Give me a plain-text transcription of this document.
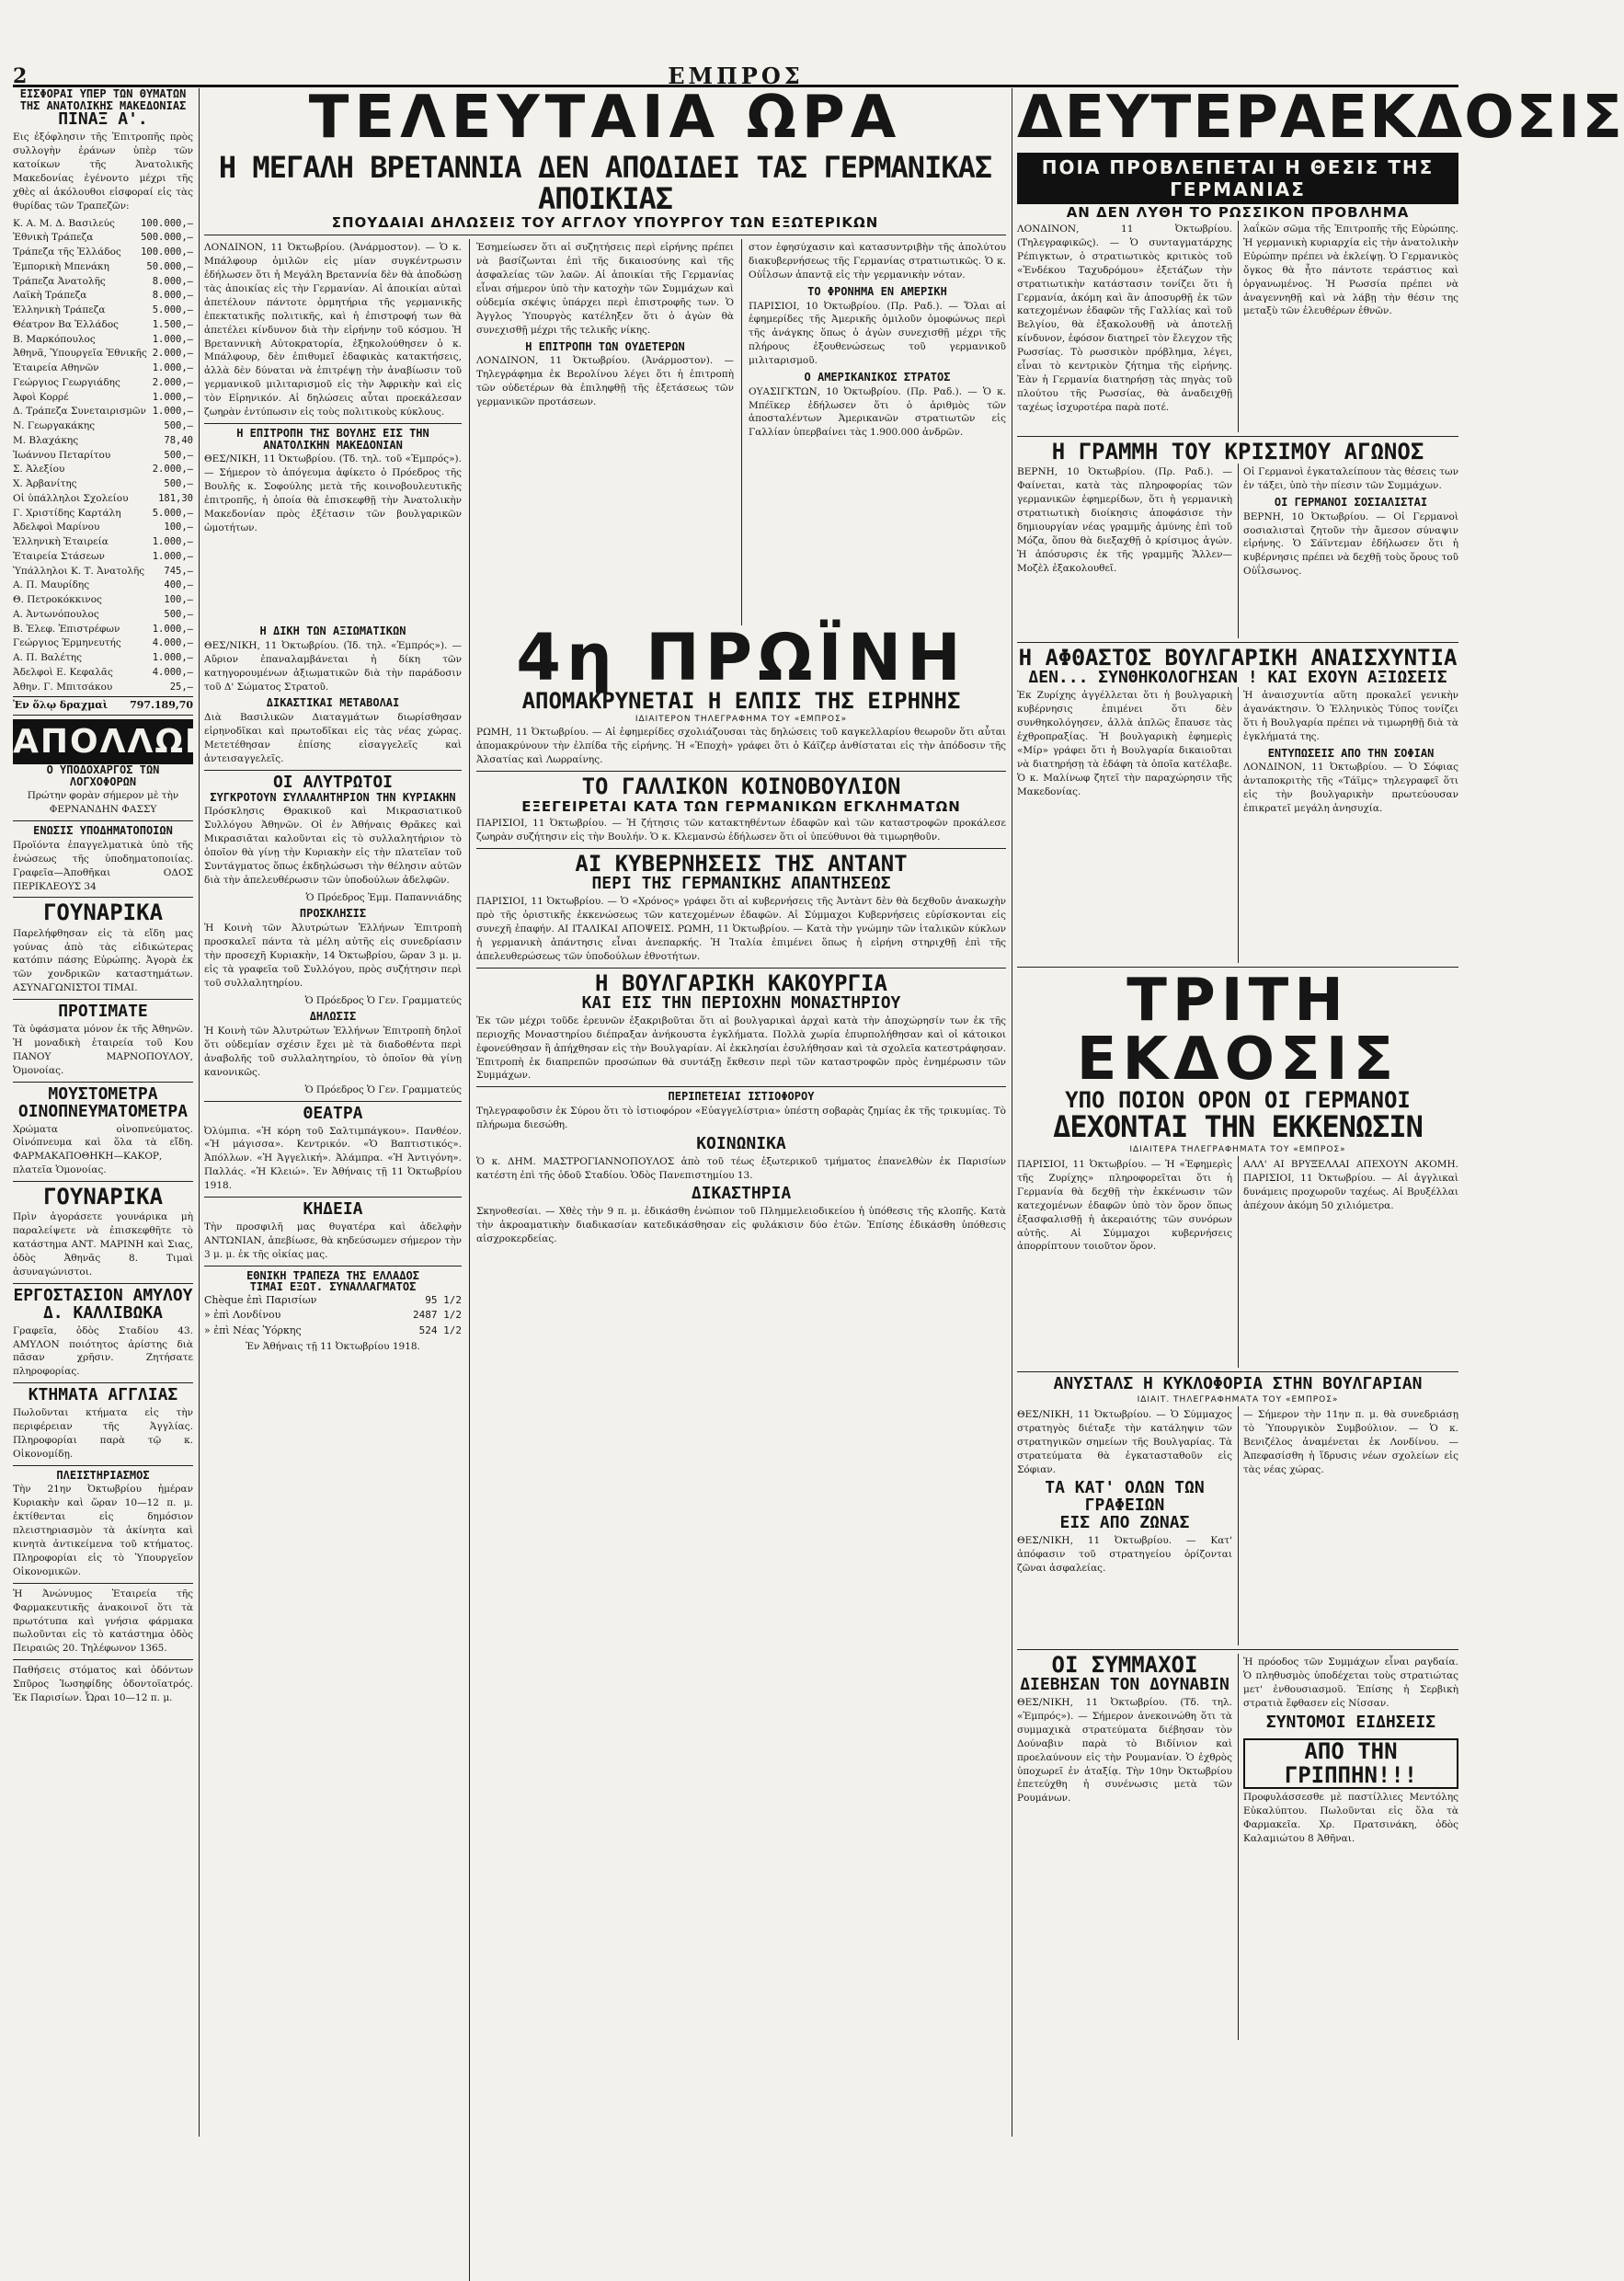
2	ΕΜΠΡΟΣ
ΕΙΣΦΟΡΑΙ ΥΠΕΡ ΤΩΝ ΘΥΜΑΤΩΝ ΤΗΣ ΑΝΑΤΟΛΙΚΗΣ ΜΑΚΕΔΟΝΙΑΣ
ΠΙΝΑΞ Α'.
Εις ἐξόφλησιν τῆς Ἐπιτροπῆς πρὸς συλλογὴν ἐράνων ὑπὲρ τῶν κατοίκων τῆς Ἀνατολικῆς Μακεδονίας ἐγένοντο μέχρι τῆς χθὲς αἱ ἀκόλουθοι εἰσφοραί εἰς τὰς θυρίδας τῶν Τραπεζῶν:
Κ. Α. Μ. Δ. Βασιλεύς	100.000,—
Ἐθνικὴ Τράπεζα	500.000,—
Τράπεζα τῆς Ἑλλάδος 100.000,—
Ἐμπορικὴ Μπενάκη	50.000,—
Τράπεζα Ἀνατολῆς	8.000,—
Λαϊκὴ Τράπεζα	8.000,—
Ἑλληνικὴ Τράπεζα	5.000,—
Θέατρον Βα Ἑλλάδος	1.500,—
Β. Μαρκόπουλος	1.000,—
Ἀθηνᾶ, Ὑπουργεῖα Ἐθνικῆς 2.000,—
Ἑταιρεία Αθηνῶν	1.000,—
Γεώργιος Γεωργιάδης	2.000,—
Ἀφοὶ Κορρέ	1.000,—
Δ. Τράπεζα Συνεταιρισμῶν 1.000,—
Ν. Γεωργακάκης	500,—
Μ. Βλαχάκης	78,40
Ἰωάννου Πεταρίτου	500,—
Σ. Ἀλεξίου	2.000,—
Χ. Ἀρβανίτης	500,—
Οἱ ὑπάλληλοι Σχολείου	181,30
Γ. Χριστίδης Καρτάλη	5.000,—
Ἀδελφοὶ Μαρίνου	100,—
Ἑλληνικὴ Ἑταιρεία	1.000,—
Ἑταιρεία Στάσεων	1.000,—
Ὑπάλληλοι Κ. Τ. Ἀνατολῆς 745,—
Α. Π. Μαυρίδης	400,—
Θ. Πετροκόκκινος	100,—
Α. Ἀντωνόπουλος	500,—
Β. Ἐλεφ. Ἐπιστρέφων	1.000,—
Γεώργιος Ἑρμηνευτής	4.000,—
Α. Π. Βαλέτης	1.000,—
Ἀδελφοὶ Ε. Κεφαλᾶς	4.000,—
Ἀθην. Γ. Μπιτσάκου	25,—
Ἐν ὅλῳ δραχμαὶ 797.189,70
ΑΠΟΛΛΩΝ
Ο ΥΠΟΔΟΧΑΡΓΟΣ ΤΩΝ ΛΟΓΧΟΦΟΡΩΝ
Πρώτην φορὰν σήμερον μὲ τὴν ΦΕΡΝΑΝΔΗΝ ΦΑΣΣΥ
ΕΝΩΣΙΣ ΥΠΟΔΗΜΑΤΟΠΟΙΩΝ
Προϊόντα ἐπαγγελματικὰ ὑπὸ τῆς ἑνώσεως τῆς ὑποδηματοποιίας. Γραφεῖα—Ἀποθῆκαι ΟΔΟΣ ΠΕΡΙΚΛΕΟΥΣ 34
ΓΟΥΝΑΡΙΚΑ
Παρελήφθησαν εἰς τὰ εἴδη μας γούνας ἀπὸ τὰς εἰδικώτερας κατόπιν πάσης Εὐρώπης. Ἀγορὰ ἐκ τῶν χονδρικῶν καταστημάτων. ΑΣΥΝΑΓΩΝΙΣΤΟΙ ΤΙΜΑΙ.
ΠΡΟΤΙΜΑΤΕ
Τὰ ὑφάσματα μόνον ἐκ τῆς Ἀθηνῶν. Ἡ μοναδικὴ ἑταιρεία τοῦ Κου ΠΑΝΟΥ ΜΑΡΝΟΠΟΥΛΟΥ, Ὁμονοίας.
ΜΟΥΣΤΟΜΕΤΡΑ ΟΙΝΟΠΝΕΥΜΑΤΟΜΕΤΡΑ
Χρώματα οἰνοπνεύματος. Οἰνόπνευμα καὶ ὅλα τὰ εἴδη. ΦΑΡΜΑΚΑΠΟΘΗΚΗ—ΚΑΚΟΡ, πλατεῖα Ὁμονοίας.
ΓΟΥΝΑΡΙΚΑ
Πρὶν ἀγοράσετε γουνάρικα μὴ παραλείψετε νὰ ἐπισκεφθῆτε τὸ κατάστημα ΑΝΤ. ΜΑΡΙΝΗ καὶ Σιας, ὁδὸς Ἀθηνᾶς 8. Τιμαὶ ἀσυναγώνιστοι.
ΕΡΓΟΣΤΑΣΙΟΝ ΑΜΥΛΟΥ Δ. ΚΑΛΛΙΒΩΚΑ
Γραφεῖα, ὁδὸς Σταδίου 43. ΑΜΥΛΟΝ ποιότητος ἀρίστης διὰ πᾶσαν χρῆσιν. Ζητήσατε πληροφορίας.
ΚΤΗΜΑΤΑ ΑΓΓΛΙΑΣ
Πωλοῦνται κτήματα εἰς τὴν περιφέρειαν τῆς Ἀγγλίας. Πληροφορίαι παρὰ τῷ κ. Οἰκονομίδῃ.
ΠΛΕΙΣΤΗΡΙΑΣΜΟΣ
Τὴν 21ην Ὀκτωβρίου ἡμέραν Κυριακὴν καὶ ὥραν 10—12 π. μ. ἐκτίθενται εἰς δημόσιον πλειστηριασμὸν τὰ ἀκίνητα καὶ κινητὰ ἀντικείμενα τοῦ κτήματος. Πληροφορίαι εἰς τὸ Ὑπουργεῖον Οἰκονομικῶν.
Ἡ Ἀνώνυμος Ἑταιρεία τῆς Φαρμακευτικῆς ἀνακοινοῖ ὅτι τὰ πρωτότυπα καὶ γνήσια φάρμακα πωλοῦνται εἰς τὸ κατάστημα ὁδὸς Πειραιῶς 20. Τηλέφωνον 1365.
Παθήσεις στόματος καὶ ὀδόντων Σπῦρος Ἰωσηφίδης ὀδοντοϊατρός. Ἐκ Παρισίων. Ὧραι 10—12 π. μ.
ΤΕΛΕΥΤΑΙΑ ΩΡΑ
Η ΜΕΓΑΛΗ ΒΡΕΤΑΝΝΙΑ ΔΕΝ ΑΠΟΔΙΔΕΙ ΤΑΣ ΓΕΡΜΑΝΙΚΑΣ ΑΠΟΙΚΙΑΣ
ΣΠΟΥΔΑΙΑΙ ΔΗΛΩΣΕΙΣ ΤΟΥ ΑΓΓΛΟΥ ΥΠΟΥΡΓΟΥ ΤΩΝ ΕΞΩΤΕΡΙΚΩΝ
ΛΟΝΔΙΝΟΝ, 11 Ὀκτωβρίου. (Ἀνάρμοστον). — Ὁ κ. Μπάλφουρ ὁμιλῶν εἰς μίαν συγκέντρωσιν ἐδήλωσεν ὅτι ἡ Μεγάλη Βρεταννία δὲν θὰ ἀποδώσῃ τὰς ἀποικίας εἰς τὴν Γερμανίαν. Αἱ ἀποικίαι αὐταὶ ἀπετέλουν πάντοτε ὁρμητήρια τῆς γερμανικῆς ἐπεκτατικῆς πολιτικῆς, καὶ ἡ ἐπιστροφή των θὰ ἀπετέλει κίνδυνον διὰ τὴν εἰρήνην τοῦ κόσμου. Ἡ Βρεταννικὴ Αὐτοκρατορία, ἐξηκολούθησεν ὁ κ. Μπάλφουρ, δὲν ἐπιθυμεῖ ἐδαφικὰς κατακτήσεις, ἀλλὰ δὲν δύναται νὰ ἐπιτρέψῃ τὴν ἀναβίωσιν τοῦ γερμανικοῦ μιλιταρισμοῦ εἰς τὴν Ἀφρικὴν καὶ εἰς τὸν Εἰρηνικόν. Αἱ δηλώσεις αὗται προεκάλεσαν ζωηρὰν ἐντύπωσιν εἰς τοὺς πολιτικοὺς κύκλους.
Η ΕΠΙΤΡΟΠΗ ΤΗΣ ΒΟΥΛΗΣ ΕΙΣ ΤΗΝ ΑΝΑΤΟΛΙΚΗΝ ΜΑΚΕΔΟΝΙΑΝ
ΘΕΣ/ΝΙΚΗ, 11 Ὀκτωβρίου. (Τδ. τηλ. τοῦ «Ἐμπρός»). — Σήμερον τὸ ἀπόγευμα ἀφίκετο ὁ Πρόεδρος τῆς Βουλῆς κ. Σοφούλης μετὰ τῆς κοινοβουλευτικῆς ἐπιτροπῆς, ἡ ὁποία θὰ ἐπισκεφθῇ τὴν Ἀνατολικὴν Μακεδονίαν πρὸς ἐξέτασιν τῶν βουλγαρικῶν ὠμοτήτων.
Ἐσημείωσεν ὅτι αἱ συζητήσεις περὶ εἰρήνης πρέπει νὰ βασίζωνται ἐπὶ τῆς δικαιοσύνης καὶ τῆς ἀσφαλείας τῶν λαῶν. Αἱ ἀποικίαι τῆς Γερμανίας εἶναι σήμερον ὑπὸ τὴν κατοχὴν τῶν Συμμάχων καὶ οὐδεμία σκέψις ὑπάρχει περὶ ἐπιστροφῆς των. Ὁ Ἀγγλος Ὑπουργὸς κατέληξεν ὅτι ὁ ἀγὼν θὰ συνεχισθῇ μέχρι τῆς τελικῆς νίκης.
Η ΕΠΙΤΡΟΠΗ ΤΩΝ ΟΥΔΕΤΕΡΩΝ
ΛΟΝΔΙΝΟΝ, 11 Ὀκτωβρίου. (Ἀνάρμοστον). — Τηλεγράφημα ἐκ Βερολίνου λέγει ὅτι ἡ ἐπιτροπὴ τῶν οὐδετέρων θὰ ἐπιληφθῇ τῆς ἐξετάσεως τῶν γερμανικῶν προτάσεων.
στον ἐφησύχασιν καὶ κατασυντριβὴν τῆς ἀπολύτου διακυβερνήσεως τῆς Γερμανίας στρατιωτικῶς. Ὁ κ. Οὐΐλσων ἀπαντᾷ εἰς τὴν γερμανικὴν νόταν.
ΤΟ ΦΡΟΝΗΜΑ ΕΝ ΑΜΕΡΙΚΗ
ΠΑΡΙΣΙΟΙ, 10 Ὀκτωβρίου. (Πρ. Ραδ.). — Ὅλαι αἱ ἐφημερίδες τῆς Ἀμερικῆς ὁμιλοῦν ὁμοφώνως περὶ τῆς ἀνάγκης ὅπως ὁ ἀγὼν συνεχισθῇ μέχρι τῆς πλήρους ἐξουθενώσεως τοῦ γερμανικοῦ μιλιταρισμοῦ.
Ο ΑΜΕΡΙΚΑΝΙΚΟΣ ΣΤΡΑΤΟΣ
ΟΥΑΣΙΓΚΤΩΝ, 10 Ὀκτωβρίου. (Πρ. Ραδ.). — Ὁ κ. Μπέϊκερ ἐδήλωσεν ὅτι ὁ ἀριθμὸς τῶν ἀποσταλέντων Ἀμερικανῶν στρατιωτῶν εἰς Γαλλίαν ὑπερβαίνει τὰς 1.900.000 ἀνδρῶν.
Η ΔΙΚΗ ΤΩΝ ΑΞΙΩΜΑΤΙΚΩΝ
ΘΕΣ/ΝΙΚΗ, 11 Ὀκτωβρίου. (Ἰδ. τηλ. «Ἐμπρός»). — Αὔριον ἐπαναλαμβάνεται ἡ δίκη τῶν κατηγορουμένων ἀξιωματικῶν διὰ τὴν παράδοσιν τοῦ Δ' Σώματος Στρατοῦ.
ΔΙΚΑΣΤΙΚΑΙ ΜΕΤΑΒΟΛΑΙ
Διὰ Βασιλικῶν Διαταγμάτων διωρίσθησαν εἰρηνοδῖκαι καὶ πρωτοδῖκαι εἰς τὰς νέας χώρας. Μετετέθησαν ἐπίσης εἰσαγγελεῖς καὶ ἀντεισαγγελεῖς.
ΟΙ ΑΛΥΤΡΩΤΟΙ
ΣΥΓΚΡΟΤΟΥΝ ΣΥΛΛΑΛΗΤΗΡΙΟΝ ΤΗΝ ΚΥΡΙΑΚΗΝ
Πρόσκλησις Θρακικοῦ καὶ Μικρασιατικοῦ Συλλόγου Ἀθηνῶν. Οἱ ἐν Ἀθήναις Θρᾶκες καὶ Μικρασιᾶται καλοῦνται εἰς τὸ συλλαλητήριον τὸ ὁποῖον θὰ γίνῃ τὴν Κυριακὴν εἰς τὴν πλατεῖαν τοῦ Συντάγματος ὅπως ἐκδηλώσωσι τὴν θέλησιν αὐτῶν διὰ τὴν ἀπελευθέρωσιν τῶν ὑποδούλων ἀδελφῶν.
Ὁ Πρόεδρος Ἐμμ. Παπαννιάδης
ΠΡΟΣΚΛΗΣΙΣ
Ἡ Κοινὴ τῶν Ἀλυτρώτων Ἑλλήνων Ἐπιτροπὴ προσκαλεῖ πάντα τὰ μέλη αὐτῆς εἰς συνεδρίασιν τὴν προσεχῆ Κυριακὴν, 14 Ὀκτωβρίου, ὥραν 3 μ. μ. εἰς τὰ γραφεῖα τοῦ Συλλόγου, πρὸς συζήτησιν περὶ τοῦ συλλαλητηρίου.
Ὁ Πρόεδρος Ὁ Γεν. Γραμματεύς
ΔΗΛΩΣΙΣ
Ἡ Κοινὴ τῶν Ἀλυτρώτων Ἑλλήνων Ἐπιτροπὴ δηλοῖ ὅτι οὐδεμίαν σχέσιν ἔχει μὲ τὰ διαδοθέντα περὶ ἀναβολῆς τοῦ συλλαλητηρίου, τὸ ὁποῖον θὰ γίνῃ κανονικῶς.
Ὁ Πρόεδρος Ὁ Γεν. Γραμματεύς
ΘΕΑΤΡΑ
Ὀλύμπια. «Ἡ κόρη τοῦ Σαλτιμπάγκου». Πανθέον. «Ἡ μάγισσα». Κεντρικόν. «Ὁ Βαπτιστικός». Ἀπόλλων. «Ἡ Ἀγγελική». Ἀλάμπρα. «Ἡ Ἀντιγόνη». Παλλάς. «Ἡ Κλειώ». Ἐν Ἀθήναις τῇ 11 Ὀκτωβρίου 1918.
ΚΗΔΕΙΑ
Τὴν προσφιλῆ μας θυγατέρα καὶ ἀδελφὴν ΑΝΤΩΝΙΑΝ, ἀπεβίωσε, θὰ κηδεύσωμεν σήμερον τὴν 3 μ. μ. ἐκ τῆς οἰκίας μας.
ΕΘΝΙΚΗ ΤΡΑΠΕΖΑ ΤΗΣ ΕΛΛΑΔΟΣ
ΤΙΜΑΙ ΕΞΩΤ. ΣΥΝΑΛΛΑΓΜΑΤΟΣ
Chèque ἐπὶ Παρισίων	95 1/2
» ἐπὶ Λονδίνου	2487 1/2
» ἐπὶ Νέας Ὑόρκης	524 1/2
Ἐν Ἀθήναις τῇ 11 Ὀκτωβρίου 1918.
4η ΠΡΩΪΝΗ
ΑΠΟΜΑΚΡΥΝΕΤΑΙ Η ΕΛΠΙΣ ΤΗΣ ΕΙΡΗΝΗΣ
ΙΔΙΑΙΤΕΡΟΝ ΤΗΛΕΓΡΑΦΗΜΑ ΤΟΥ «ΕΜΠΡΟΣ»
ΡΩΜΗ, 11 Ὀκτωβρίου. — Αἱ ἐφημερίδες σχολιάζουσαι τὰς δηλώσεις τοῦ καγκελλαρίου θεωροῦν ὅτι αὗται ἀπομακρύνουν τὴν ἐλπίδα τῆς εἰρήνης. Ἡ «Ἐποχὴ» γράφει ὅτι ὁ Κάϊζερ ἀνθίσταται εἰς τὴν ἀπόδοσιν τῆς Ἀλσατίας καὶ Λωρραίνης.
ΤΟ ΓΑΛΛΙΚΟΝ ΚΟΙΝΟΒΟΥΛΙΟΝ
ΕΞΕΓΕΙΡΕΤΑΙ ΚΑΤΑ ΤΩΝ ΓΕΡΜΑΝΙΚΩΝ ΕΓΚΛΗΜΑΤΩΝ
ΠΑΡΙΣΙΟΙ, 11 Ὀκτωβρίου. — Ἡ ζήτησις τῶν κατακτηθέντων ἐδαφῶν καὶ τῶν καταστροφῶν προκάλεσε ζωηρὰν συζήτησιν εἰς τὴν Βουλήν. Ὁ κ. Κλεμανσὼ ἐδήλωσεν ὅτι οἱ ὑπεύθυνοι θὰ τιμωρηθοῦν.
ΑΙ ΚΥΒΕΡΝΗΣΕΙΣ ΤΗΣ ΑΝΤΑΝΤ
ΠΕΡΙ ΤΗΣ ΓΕΡΜΑΝΙΚΗΣ ΑΠΑΝΤΗΣΕΩΣ
ΠΑΡΙΣΙΟΙ, 11 Ὀκτωβρίου. — Ὁ «Χρόνος» γράφει ὅτι αἱ κυβερνήσεις τῆς Ἀντὰντ δὲν θὰ δεχθοῦν ἀνακωχὴν πρὸ τῆς ὁριστικῆς ἐκκενώσεως τῶν κατεχομένων ἐδαφῶν. Αἱ Σύμμαχοι Κυβερνήσεις εὑρίσκονται εἰς συνεχῆ ἐπαφήν. ΑΙ ΙΤΑΛΙΚΑΙ ΑΠΟΨΕΙΣ. ΡΩΜΗ, 11 Ὀκτωβρίου. — Κατὰ τὴν γνώμην τῶν ἰταλικῶν κύκλων ἡ γερμανικὴ ἀπάντησις εἶναι ἀνεπαρκής. Ἡ Ἰταλία ἐπιμένει ὅπως ἡ εἰρήνη στηριχθῇ ἐπὶ τῆς ἀπελευθερώσεως τῶν ὑποδούλων ἐθνοτήτων.
Η ΒΟΥΛΓΑΡΙΚΗ ΚΑΚΟΥΡΓΙΑ
ΚΑΙ ΕΙΣ ΤΗΝ ΠΕΡΙΟΧΗΝ ΜΟΝΑΣΤΗΡΙΟΥ
Ἐκ τῶν μέχρι τοῦδε ἐρευνῶν ἐξακριβοῦται ὅτι αἱ βουλγαρικαὶ ἀρχαὶ κατὰ τὴν ἀποχώρησίν των ἐκ τῆς περιοχῆς Μοναστηρίου διέπραξαν ἀνήκουστα ἐγκλήματα. Πολλὰ χωρία ἐπυρπολήθησαν καὶ οἱ κάτοικοι ἐφονεύθησαν ἢ ἀπήχθησαν εἰς τὴν Βουλγαρίαν. Αἱ ἐκκλησίαι ἐσυλήθησαν καὶ τὰ σχολεῖα κατεστράφησαν. Ἐπιτροπὴ ἐκ διαπρεπῶν προσώπων θὰ συντάξῃ ἔκθεσιν περὶ τῶν καταστροφῶν πρὸς ἐνημέρωσιν τῶν Συμμάχων.
ΠΕΡΙΠΕΤΕΙΑΙ ΙΣΤΙΟΦΟΡΟΥ
Τηλεγραφοῦσιν ἐκ Σύρου ὅτι τὸ ἱστιοφόρον «Εὐαγγελίστρια» ὑπέστη σοβαρὰς ζημίας ἐκ τῆς τρικυμίας. Τὸ πλήρωμα διεσώθη.
ΚΟΙΝΩΝΙΚΑ
Ὁ κ. ΔΗΜ. ΜΑΣΤΡΟΓΙΑΝΝΟΠΟΥΛΟΣ ἀπὸ τοῦ τέως ἐξωτερικοῦ τμήματος ἐπανελθὼν ἐκ Παρισίων κατέστη ἐπὶ τῆς ὁδοῦ Σταδίου. Ὁδὸς Πανεπιστημίου 13.
ΔΙΚΑΣΤΗΡΙΑ
Σκηνοθεσίαι. — Χθὲς τὴν 9 π. μ. ἐδικάσθη ἐνώπιον τοῦ Πλημμελειοδικείου ἡ ὑπόθεσις τῆς κλοπῆς. Κατὰ τὴν ἀκροαματικὴν διαδικασίαν κατεδικάσθησαν εἰς φυλάκισιν δύο ἐτῶν. Ἐπίσης ἐδικάσθη ὑπόθεσις αἰσχροκερδείας.
ΔΕΥΤΕΡΑΕΚΔΟΣΙΣ
ΠΟΙΑ ΠΡΟΒΛΕΠΕΤΑΙ Η ΘΕΣΙΣ ΤΗΣ ΓΕΡΜΑΝΙΑΣ
ΑΝ ΔΕΝ ΛΥΘΗ ΤΟ ΡΩΣΣΙΚΟΝ ΠΡΟΒΛΗΜΑ
ΛΟΝΔΙΝΟΝ, 11 Ὀκτωβρίου. (Τηλεγραφικῶς). — Ὁ συνταγματάρχης Ρέπιγκτων, ὁ στρατιωτικὸς κριτικὸς τοῦ «Ἐνδέκου Ταχυδρόμου» ἐξετάζων τὴν στρατιωτικὴν κατάστασιν τονίζει ὅτι ἡ Γερμανία, ἀκόμη καὶ ἂν ἀποσυρθῇ ἐκ τῶν κατεχομένων ἐδαφῶν τῆς Γαλλίας καὶ τοῦ Βελγίου, θὰ ἐξακολουθῇ νὰ ἀποτελῇ κίνδυνον, ἐφόσον διατηρεῖ τὸν ἔλεγχον τῆς Ρωσσίας. Τὸ ρωσσικὸν πρόβλημα, λέγει, εἶναι τὸ κεντρικὸν ζήτημα τῆς εἰρήνης. Ἐὰν ἡ Γερμανία διατηρήσῃ τὰς πηγὰς τοῦ πλούτου τῆς Ρωσσίας, θὰ ἀναδειχθῇ ταχέως ἰσχυροτέρα παρὰ ποτέ.
λαΐκῶν σῶμα τῆς Ἐπιτροπῆς τῆς Εὐρώπης. Ἡ γερμανικὴ κυριαρχία εἰς τὴν ἀνατολικὴν Εὐρώπην πρέπει νὰ ἐκλείψῃ. Ὁ Γερμανικὸς ὄγκος θὰ ἦτο πάντοτε τεράστιος καὶ ὀργανωμένος. Ἡ Ρωσσία πρέπει νὰ ἀναγεννηθῇ καὶ νὰ λάβῃ τὴν θέσιν της μεταξὺ τῶν ἐλευθέρων ἐθνῶν.
Η ΓΡΑΜΜΗ ΤΟΥ ΚΡΙΣΙΜΟΥ ΑΓΩΝΟΣ
ΒΕΡΝΗ, 10 Ὀκτωβρίου. (Πρ. Ραδ.). — Φαίνεται, κατὰ τὰς πληροφορίας τῶν γερμανικῶν ἐφημερίδων, ὅτι ἡ γερμανικὴ στρατιωτικὴ διοίκησις ἀποφάσισε τὴν δημιουργίαν νέας γραμμῆς ἀμύνης ἐπὶ τοῦ Μόζα, ὅπου θὰ διεξαχθῇ ὁ κρίσιμος ἀγών. Ἡ ἀπόσυρσις ἐκ τῆς γραμμῆς Ἅλλεν—Μοζὲλ ἐξακολουθεῖ.
Οἱ Γερμανοὶ ἐγκαταλείπουν τὰς θέσεις των ἐν τάξει, ὑπὸ τὴν πίεσιν τῶν Συμμάχων.
ΟΙ ΓΕΡΜΑΝΟΙ ΣΟΣΙΑΛΙΣΤΑΙ
ΒΕΡΝΗ, 10 Ὀκτωβρίου. — Οἱ Γερμανοὶ σοσιαλισταὶ ζητοῦν τὴν ἄμεσον σύναψιν εἰρήνης. Ὁ Σάϊντεμαν ἐδήλωσεν ὅτι ἡ κυβέρνησις πρέπει νὰ δεχθῇ τοὺς ὅρους τοῦ Οὐΐλσωνος.
Η ΑΦΘΑΣΤΟΣ ΒΟΥΛΓΑΡΙΚΗ ΑΝΑΙΣΧΥΝΤΙΑ
ΔΕΝ... ΣΥΝΘΗΚΟΛΟΓΗΣΑΝ ! ΚΑΙ ΕΧΟΥΝ ΑΞΙΩΣΕΙΣ
Ἐκ Ζυρίχης ἀγγέλλεται ὅτι ἡ βουλγαρικὴ κυβέρνησις ἐπιμένει ὅτι δὲν συνθηκολόγησεν, ἀλλὰ ἁπλῶς ἔπαυσε τὰς ἐχθροπραξίας. Ἡ βουλγαρικὴ ἐφημερὶς «Μίρ» γράφει ὅτι ἡ Βουλγαρία δικαιοῦται νὰ διατηρήσῃ τὰ ἐδάφη τὰ ὁποῖα κατέλαβε. Ὁ κ. Μαλίνωφ ζητεῖ τὴν παραχώρησιν τῆς Μακεδονίας.
Ἡ ἀναισχυντία αὕτη προκαλεῖ γενικὴν ἀγανάκτησιν. Ὁ Ἑλληνικὸς Τύπος τονίζει ὅτι ἡ Βουλγαρία πρέπει νὰ τιμωρηθῇ διὰ τὰ ἐγκλήματά της.
ΕΝΤΥΠΩΣΕΙΣ ΑΠΟ ΤΗΝ ΣΟΦΙΑΝ
ΛΟΝΔΙΝΟΝ, 11 Ὀκτωβρίου. — Ὁ Σόφιας ἀνταποκριτὴς τῆς «Τάϊμς» τηλεγραφεῖ ὅτι εἰς τὴν βουλγαρικὴν πρωτεύουσαν ἐπικρατεῖ μεγάλη ἀνησυχία.
ΤΡΙΤΗ ΕΚΔΟΣΙΣ
ΥΠΟ ΠΟΙΟΝ ΟΡΟΝ ΟΙ ΓΕΡΜΑΝΟΙ
ΔΕΧΟΝΤΑΙ ΤΗΝ ΕΚΚΕΝΩΣΙΝ
ΙΔΙΑΙΤΕΡΑ ΤΗΛΕΓΡΑΦΗΜΑΤΑ ΤΟΥ «ΕΜΠΡΟΣ»
ΠΑΡΙΣΙΟΙ, 11 Ὀκτωβρίου. — Ἡ «Ἐφημερὶς τῆς Ζυρίχης» πληροφορεῖται ὅτι ἡ Γερμανία θὰ δεχθῇ τὴν ἐκκένωσιν τῶν κατεχομένων ἐδαφῶν ὑπὸ τὸν ὅρον ὅπως ἐξασφαλισθῇ ἡ ἀκεραιότης τῶν συνόρων αὐτῆς. Αἱ Σύμμαχοι κυβερνήσεις ἀπορρίπτουν τοιοῦτον ὅρον.
ΑΛΛ' ΑΙ ΒΡΥΞΕΛΛΑΙ ΑΠΕΧΟΥΝ ΑΚΟΜΗ. ΠΑΡΙΣΙΟΙ, 11 Ὀκτωβρίου. — Αἱ ἀγγλικαὶ δυνάμεις προχωροῦν ταχέως. Αἱ Βρυξέλλαι ἀπέχουν ἀκόμη 50 χιλιόμετρα.
ΑΝΥΣΤΑΛΣ Η ΚΥΚΛΟΦΟΡΙΑ ΣΤΗΝ ΒΟΥΛΓΑΡΙΑΝ
ΙΔΙΑΙΤ. ΤΗΛΕΓΡΑΦΗΜΑΤΑ ΤΟΥ «ΕΜΠΡΟΣ»
ΘΕΣ/ΝΙΚΗ, 11 Ὀκτωβρίου. — Ὁ Σύμμαχος στρατηγὸς διέταξε τὴν κατάληψιν τῶν στρατηγικῶν σημείων τῆς Βουλγαρίας. Τὰ στρατεύματα θὰ ἐγκατασταθοῦν εἰς Σόφιαν.
ΤΑ ΚΑΤ' ΟΛΩΝ ΤΩΝ ΓΡΑΦΕΙΩΝ
ΕΙΣ ΑΠΟ ΖΩΝΑΣ
ΘΕΣ/ΝΙΚΗ, 11 Ὀκτωβρίου. — Κατ' ἀπόφασιν τοῦ στρατηγείου ὁρίζονται ζῶναι ἀσφαλείας.
— Σήμερον τὴν 11ην π. μ. θὰ συνεδριάσῃ τὸ Ὑπουργικὸν Συμβούλιον. — Ὁ κ. Βενιζέλος ἀναμένεται ἐκ Λονδίνου. — Ἀπεφασίσθη ἡ ἵδρυσις νέων σχολείων εἰς τὰς νέας χώρας.
ΟΙ ΣΥΜΜΑΧΟΙ
ΔΙΕΒΗΣΑΝ ΤΟΝ ΔΟΥΝΑΒΙΝ
ΘΕΣ/ΝΙΚΗ, 11 Ὀκτωβρίου. (Τδ. τηλ. «Ἐμπρός»). — Σήμερον ἀνεκοινώθη ὅτι τὰ συμμαχικὰ στρατεύματα διέβησαν τὸν Δούναβιν παρὰ τὸ Βιδίνιον καὶ προελαύνουν εἰς τὴν Ρουμανίαν. Ὁ ἐχθρὸς ὑποχωρεῖ ἐν ἀταξίᾳ. Τὴν 10ην Ὀκτωβρίου ἐπετεύχθη ἡ συνένωσις μετὰ τῶν Ρουμάνων.
Ἡ πρόοδος τῶν Συμμάχων εἶναι ραγδαία. Ὁ πληθυσμὸς ὑποδέχεται τοὺς στρατιώτας μετ' ἐνθουσιασμοῦ. Ἐπίσης ἡ Σερβικὴ στρατιὰ ἔφθασεν εἰς Νίσσαν.
ΣΥΝΤΟΜΟΙ ΕΙΔΗΣΕΙΣ
ΑΠΟ ΤΗΝ ΓΡΙΠΠΗΝ!!!
Προφυλάσσεσθε μὲ παστίλλιες Μεντόλης Εὐκαλύπτου. Πωλοῦνται εἰς ὅλα τὰ Φαρμακεῖα. Χρ. Πρατσινάκη, ὁδὸς Καλαμιώτου 8 Ἀθῆναι.
